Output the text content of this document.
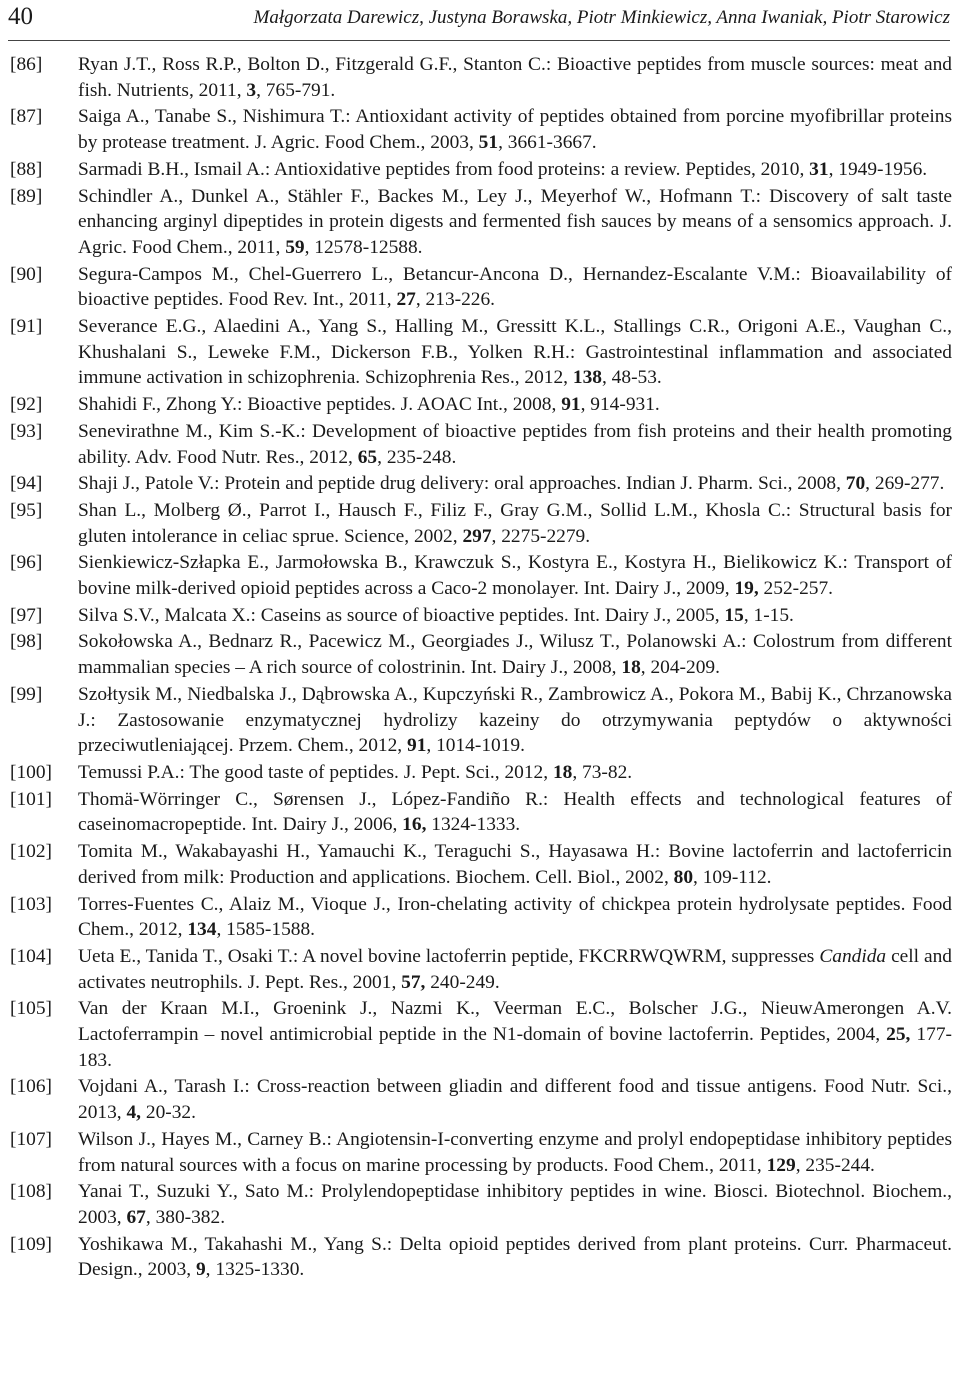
40	Małgorzata Darewicz, Justyna Borawska, Piotr Minkiewicz, Anna Iwaniak, Piotr Starowicz
[86] Ryan J.T., Ross R.P., Bolton D., Fitzgerald G.F., Stanton C.: Bioactive peptides from muscle sources: meat and fish. Nutrients, 2011, 3, 765-791.
[87] Saiga A., Tanabe S., Nishimura T.: Antioxidant activity of peptides obtained from porcine myofibrillar proteins by protease treatment. J. Agric. Food Chem., 2003, 51, 3661-3667.
[88] Sarmadi B.H., Ismail A.: Antioxidative peptides from food proteins: a review. Peptides, 2010, 31, 1949-1956.
[89] Schindler A., Dunkel A., Stähler F., Backes M., Ley J., Meyerhof W., Hofmann T.: Discovery of salt taste enhancing arginyl dipeptides in protein digests and fermented fish sauces by means of a sensomics approach. J. Agric. Food Chem., 2011, 59, 12578-12588.
[90] Segura-Campos M., Chel-Guerrero L., Betancur-Ancona D., Hernandez-Escalante V.M.: Bioavailability of bioactive peptides. Food Rev. Int., 2011, 27, 213-226.
[91] Severance E.G., Alaedini A., Yang S., Halling M., Gressitt K.L., Stallings C.R., Origoni A.E., Vaughan C., Khushalani S., Leweke F.M., Dickerson F.B., Yolken R.H.: Gastrointestinal inflammation and associated immune activation in schizophrenia. Schizophrenia Res., 2012, 138, 48-53.
[92] Shahidi F., Zhong Y.: Bioactive peptides. J. AOAC Int., 2008, 91, 914-931.
[93] Senevirathne M., Kim S.-K.: Development of bioactive peptides from fish proteins and their health promoting ability. Adv. Food Nutr. Res., 2012, 65, 235-248.
[94] Shaji J., Patole V.: Protein and peptide drug delivery: oral approaches. Indian J. Pharm. Sci., 2008, 70, 269-277.
[95] Shan L., Molberg Ø., Parrot I., Hausch F., Filiz F., Gray G.M., Sollid L.M., Khosla C.: Structural basis for gluten intolerance in celiac sprue. Science, 2002, 297, 2275-2279.
[96] Sienkiewicz-Szłapka E., Jarmołowska B., Krawczuk S., Kostyra E., Kostyra H., Bielikowicz K.: Transport of bovine milk-derived opioid peptides across a Caco-2 monolayer. Int. Dairy J., 2009, 19, 252-257.
[97] Silva S.V., Malcata X.: Caseins as source of bioactive peptides. Int. Dairy J., 2005, 15, 1-15.
[98] Sokołowska A., Bednarz R., Pacewicz M., Georgiades J., Wilusz T., Polanowski A.: Colostrum from different mammalian species – A rich source of colostrinin. Int. Dairy J., 2008, 18, 204-209.
[99] Szołtysik M., Niedbalska J., Dąbrowska A., Kupczyński R., Zambrowicz A., Pokora M., Babij K., Chrzanowska J.: Zastosowanie enzymatycznej hydrolizy kazeiny do otrzymywania peptydów o aktywności przeciwutleniającej. Przem. Chem., 2012, 91, 1014-1019.
[100] Temussi P.A.: The good taste of peptides. J. Pept. Sci., 2012, 18, 73-82.
[101] Thomä-Wörringer C., Sørensen J., López-Fandiño R.: Health effects and technological features of caseinomacropeptide. Int. Dairy J., 2006, 16, 1324-1333.
[102] Tomita M., Wakabayashi H., Yamauchi K., Teraguchi S., Hayasawa H.: Bovine lactoferrin and lactoferricin derived from milk: Production and applications. Biochem. Cell. Biol., 2002, 80, 109-112.
[103] Torres-Fuentes C., Alaiz M., Vioque J., Iron-chelating activity of chickpea protein hydrolysate peptides. Food Chem., 2012, 134, 1585-1588.
[104] Ueta E., Tanida T., Osaki T.: A novel bovine lactoferrin peptide, FKCRRWQWRM, suppresses Candida cell and activates neutrophils. J. Pept. Res., 2001, 57, 240-249.
[105] Van der Kraan M.I., Groenink J., Nazmi K., Veerman E.C., Bolscher J.G., NieuwAmerongen A.V. Lactoferrampin – novel antimicrobial peptide in the N1-domain of bovine lactoferrin. Peptides, 2004, 25, 177-183.
[106] Vojdani A., Tarash I.: Cross-reaction between gliadin and different food and tissue antigens. Food Nutr. Sci., 2013, 4, 20-32.
[107] Wilson J., Hayes M., Carney B.: Angiotensin-I-converting enzyme and prolyl endopeptidase inhibitory peptides from natural sources with a focus on marine processing by products. Food Chem., 2011, 129, 235-244.
[108] Yanai T., Suzuki Y., Sato M.: Prolylendopeptidase inhibitory peptides in wine. Biosci. Biotechnol. Biochem., 2003, 67, 380-382.
[109] Yoshikawa M., Takahashi M., Yang S.: Delta opioid peptides derived from plant proteins. Curr. Pharmaceut. Design., 2003, 9, 1325-1330.
